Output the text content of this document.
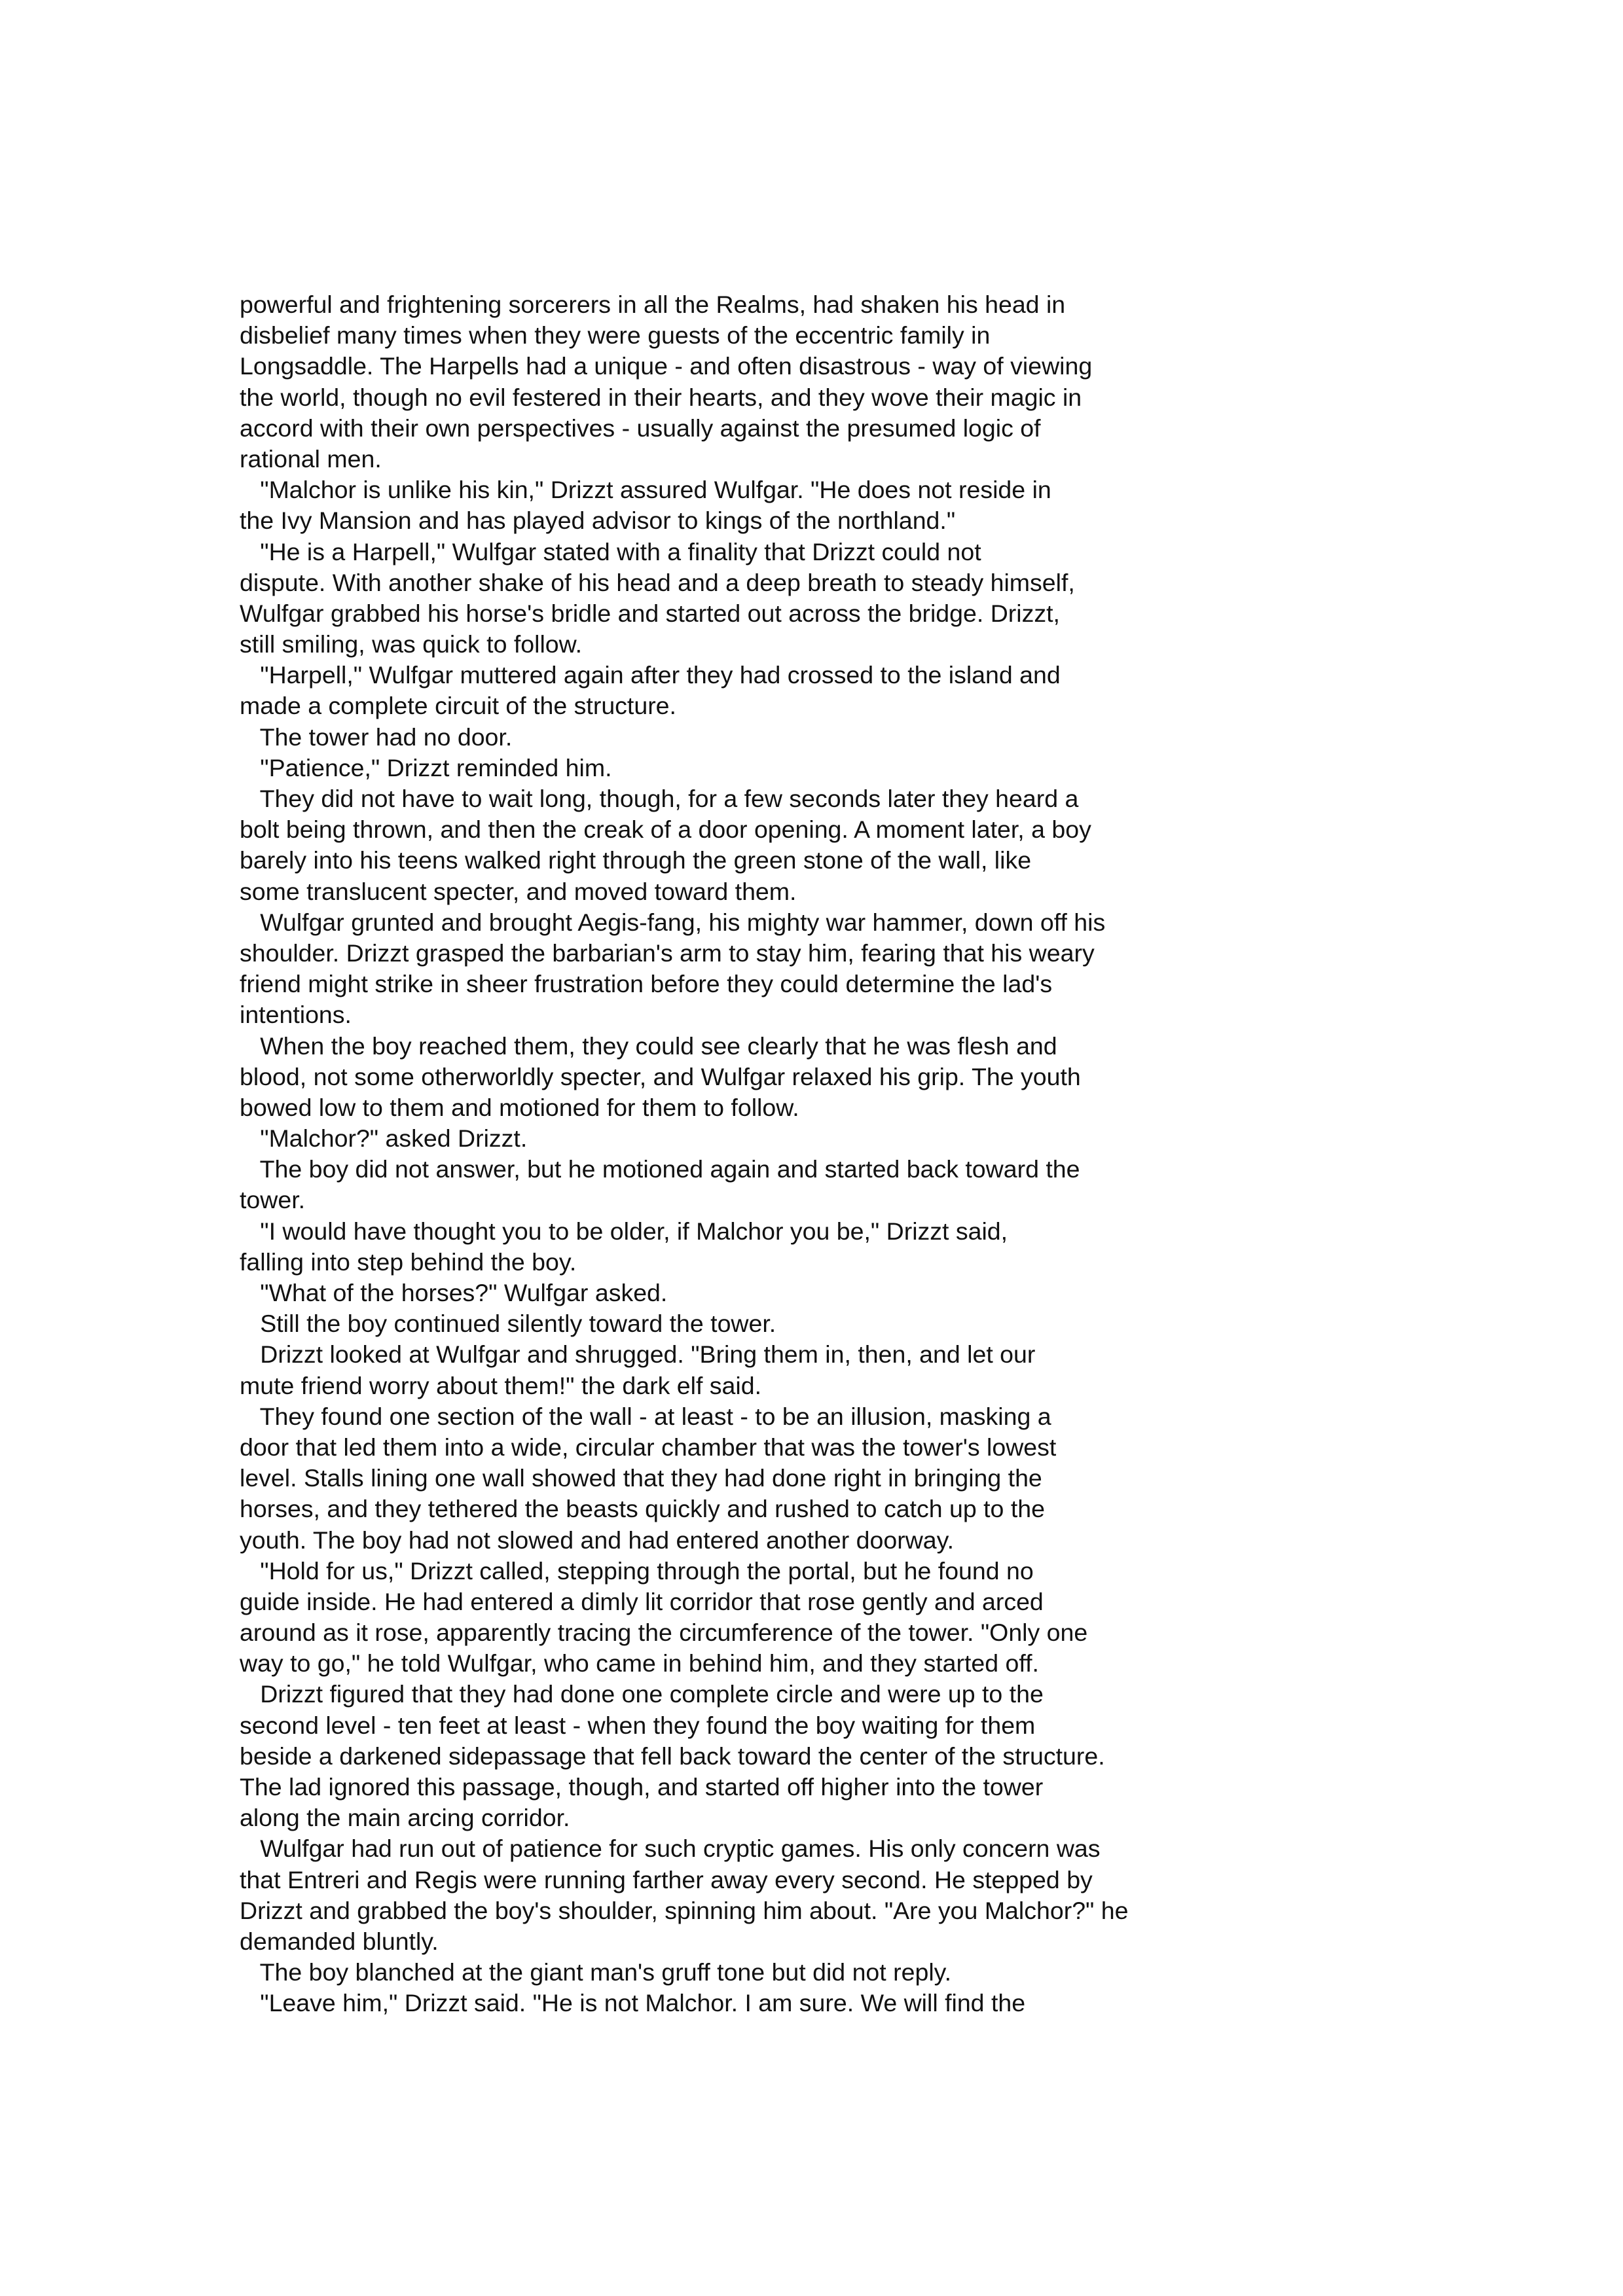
powerful and frightening sorcerers in all the Realms, had shaken his head in
disbelief many times when they were guests of the eccentric family in
Longsaddle. The Harpells had a unique - and often disastrous - way of viewing
the world, though no evil festered in their hearts, and they wove their magic in
accord with their own perspectives - usually against the presumed logic of
rational men.
"Malchor is unlike his kin," Drizzt assured Wulfgar. "He does not reside in
the Ivy Mansion and has played advisor to kings of the northland."
"He is a Harpell," Wulfgar stated with a finality that Drizzt could not
dispute. With another shake of his head and a deep breath to steady himself,
Wulfgar grabbed his horse's bridle and started out across the bridge. Drizzt,
still smiling, was quick to follow.
"Harpell," Wulfgar muttered again after they had crossed to the island and
made a complete circuit of the structure.
The tower had no door.
"Patience," Drizzt reminded him.
They did not have to wait long, though, for a few seconds later they heard a
bolt being thrown, and then the creak of a door opening. A moment later, a boy
barely into his teens walked right through the green stone of the wall, like
some translucent specter, and moved toward them.
Wulfgar grunted and brought Aegis-fang, his mighty war hammer, down off his
shoulder. Drizzt grasped the barbarian's arm to stay him, fearing that his weary
friend might strike in sheer frustration before they could determine the lad's
intentions.
When the boy reached them, they could see clearly that he was flesh and
blood, not some otherworldly specter, and Wulfgar relaxed his grip. The youth
bowed low to them and motioned for them to follow.
"Malchor?" asked Drizzt.
The boy did not answer, but he motioned again and started back toward the
tower.
"I would have thought you to be older, if Malchor you be," Drizzt said,
falling into step behind the boy.
"What of the horses?" Wulfgar asked.
Still the boy continued silently toward the tower.
Drizzt looked at Wulfgar and shrugged. "Bring them in, then, and let our
mute friend worry about them!" the dark elf said.
They found one section of the wall - at least - to be an illusion, masking a
door that led them into a wide, circular chamber that was the tower's lowest
level. Stalls lining one wall showed that they had done right in bringing the
horses, and they tethered the beasts quickly and rushed to catch up to the
youth. The boy had not slowed and had entered another doorway.
"Hold for us," Drizzt called, stepping through the portal, but he found no
guide inside. He had entered a dimly lit corridor that rose gently and arced
around as it rose, apparently tracing the circumference of the tower. "Only one
way to go," he told Wulfgar, who came in behind him, and they started off.
Drizzt figured that they had done one complete circle and were up to the
second level - ten feet at least - when they found the boy waiting for them
beside a darkened sidepassage that fell back toward the center of the structure.
The lad ignored this passage, though, and started off higher into the tower
along the main arcing corridor.
Wulfgar had run out of patience for such cryptic games. His only concern was
that Entreri and Regis were running farther away every second. He stepped by
Drizzt and grabbed the boy's shoulder, spinning him about. "Are you Malchor?" he
demanded bluntly.
The boy blanched at the giant man's gruff tone but did not reply.
"Leave him," Drizzt said. "He is not Malchor. I am sure. We will find the
